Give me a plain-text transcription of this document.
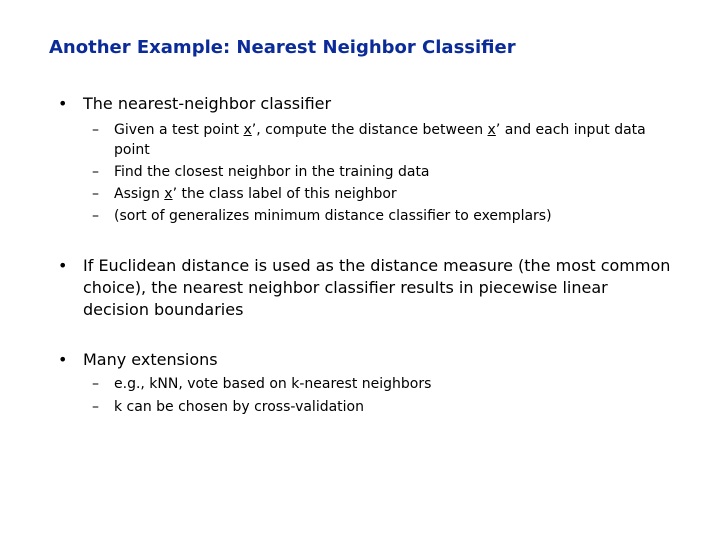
Another Example: Nearest Neighbor Classifier
• The nearest-neighbor classifier
– Given a test point x’, compute the distance between x’ and each input data point
– Find the closest neighbor in the training data
– Assign x’ the class label of this neighbor
– (sort of generalizes minimum distance classifier to exemplars)
• If Euclidean distance is used as the distance measure (the most common choice), the nearest neighbor classifier results in piecewise linear decision boundaries
• Many extensions
– e.g., kNN, vote based on k-nearest neighbors
– k can be chosen by cross-validation
